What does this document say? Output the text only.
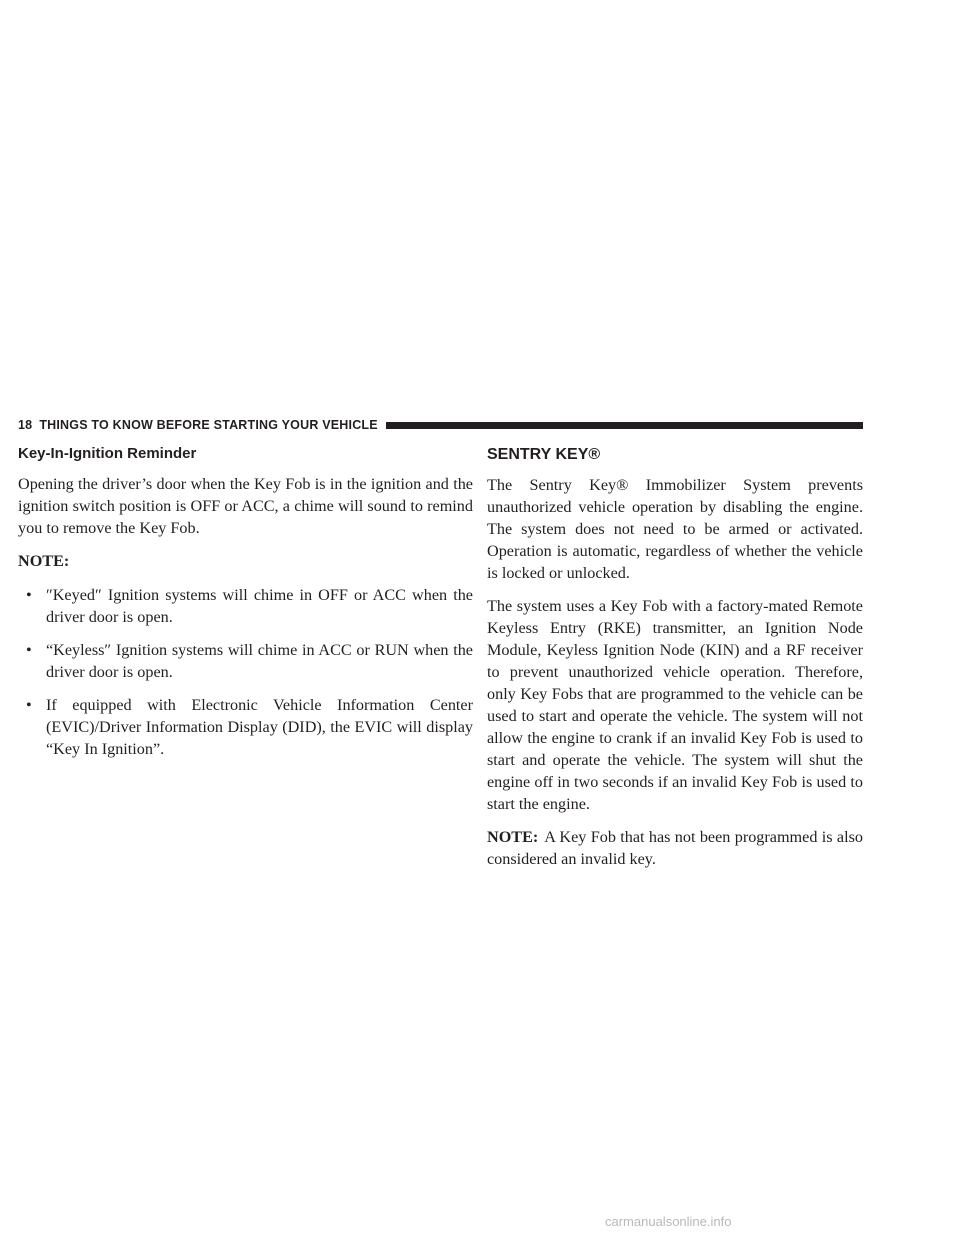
18 THINGS TO KNOW BEFORE STARTING YOUR VEHICLE
Key-In-Ignition Reminder

Opening the driver’s door when the Key Fob is in the ignition and the ignition switch position is OFF or ACC, a chime will sound to remind you to remove the Key Fob.

NOTE:
• ″Keyed″ Ignition systems will chime in OFF or ACC when the driver door is open.
• “Keyless″ Ignition systems will chime in ACC or RUN when the driver door is open.
• If equipped with Electronic Vehicle Information Center (EVIC)/Driver Information Display (DID), the EVIC will display “Key In Ignition”.
SENTRY KEY®

The Sentry Key® Immobilizer System prevents unauthorized vehicle operation by disabling the engine. The system does not need to be armed or activated. Operation is automatic, regardless of whether the vehicle is locked or unlocked.

The system uses a Key Fob with a factory-mated Remote Keyless Entry (RKE) transmitter, an Ignition Node Module, Keyless Ignition Node (KIN) and a RF receiver to prevent unauthorized vehicle operation. Therefore, only Key Fobs that are programmed to the vehicle can be used to start and operate the vehicle. The system will not allow the engine to crank if an invalid Key Fob is used to start and operate the vehicle. The system will shut the engine off in two seconds if an invalid Key Fob is used to start the engine.

NOTE: A Key Fob that has not been programmed is also considered an invalid key.

carmanualsonline.info
